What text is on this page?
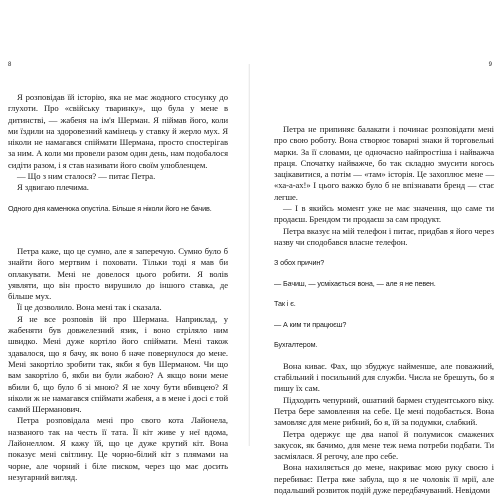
8

Я розповідав їй історію, яка не має жодного стосунку до глухоти. Про «свійську тваринку», що була у мене в дитинстві, — жабеня на ім'я Шерман. Я піймав його, коли ми їздили на здоровезний камінець у ставку й жерло мух. Я ніколи не намагався спіймати Шермана, просто спостерігав за ним. А коли ми провели разом один день, нам подобалося сидіти разом, і я став називати його своїм улюбленцем.

— Що з ним сталося? — питає Петра.

Я здвигаю плечима.

Одного дня каменюка опустіла. Більше я ніколи його не бачив.

Петра каже, що це сумно, але я заперечую. Сумно було б знайти його мертвим і поховати. Тільки тоді я мав би оплакувати. Мені не довелося цього робити. Я волів уявляти, що він просто вирушило до іншого ставка, де більше мух.

Її це дозволило. Вона мені так і сказала.

Я не все розповів їй про Шермана. Наприклад, у жабеняти був довжелезний язик, і воно стріляло ним швидко. Мені дуже кортіло його спіймати. Мені також здавалося, що я бачу, як воно б наче повернулося до мене. Мені закортіло зробити так, якби я був Шерманом. Чи що вам закортіло б, якби ви були жабою? А якщо вони мене вбили б, що було б зі мною? Я не хочу бути вбивцею? Я ніколи ж не намагався спіймати жабеня, а в мене і досі є той самий Шерманович.

Петра розповідала мені про свого кота Лайонела, названого так на честь її тата. Її кіт живе у неї вдома, Лайонеллом. Я кажу їй, що це дуже крутий кіт. Вона показує мені світлину. Це чорно-білий кіт з плямами на чорне, але чорний і біле писком, через що має досить незугарний вигляд.

9

Петра не припиняє балакати і починає розповідати мені про свою роботу. Вона створює товарні знаки й торговельні марки. За її словами, це одночасно найпростіша і найважча праця. Спочатку найважче, бо так складно змусити когось зацікавитися, а потім — «там» історія. Це захоплює мене — «ха-а-ах!» І цього важко було б не впізнавати бренд — стає легше.

— І в якийсь момент уже не має значення, що саме ти продаєш. Брендом ти продаєш за сам продукт.

Петра вказує на мій телефон і питає, придбав я його через назву чи сподобався власне телефон.

З обох причин?

— Бачиш, — усміхається вона, — але я не певен.

Так і є.

— А ким ти працюєш?

Бухгалтером.

Вона киває. Фах, що збуджує найменше, але поважний, стабільний і посильний для служби. Числа не брешуть, бо я пишу їх сам.

Підходить чепурний, ошатний бармен студентського віку. Петра бере замовлення на себе. Це мені подобається. Вона замовляє для мене рибний, бо я, їй за подумки, слабкий.

Петра одержує ще два напої й полумисок смажених закусок, як бачимо, для мене теж нема потреби подбати. Ти засміялася. Я регочу, але про себе.

Вона нахиляється до мене, накриває мою руку своєю і перебиває: Петра вже забула, що я не чоловік її мрії, але подальший розвиток подій дуже передбачуваний. Невідоми
